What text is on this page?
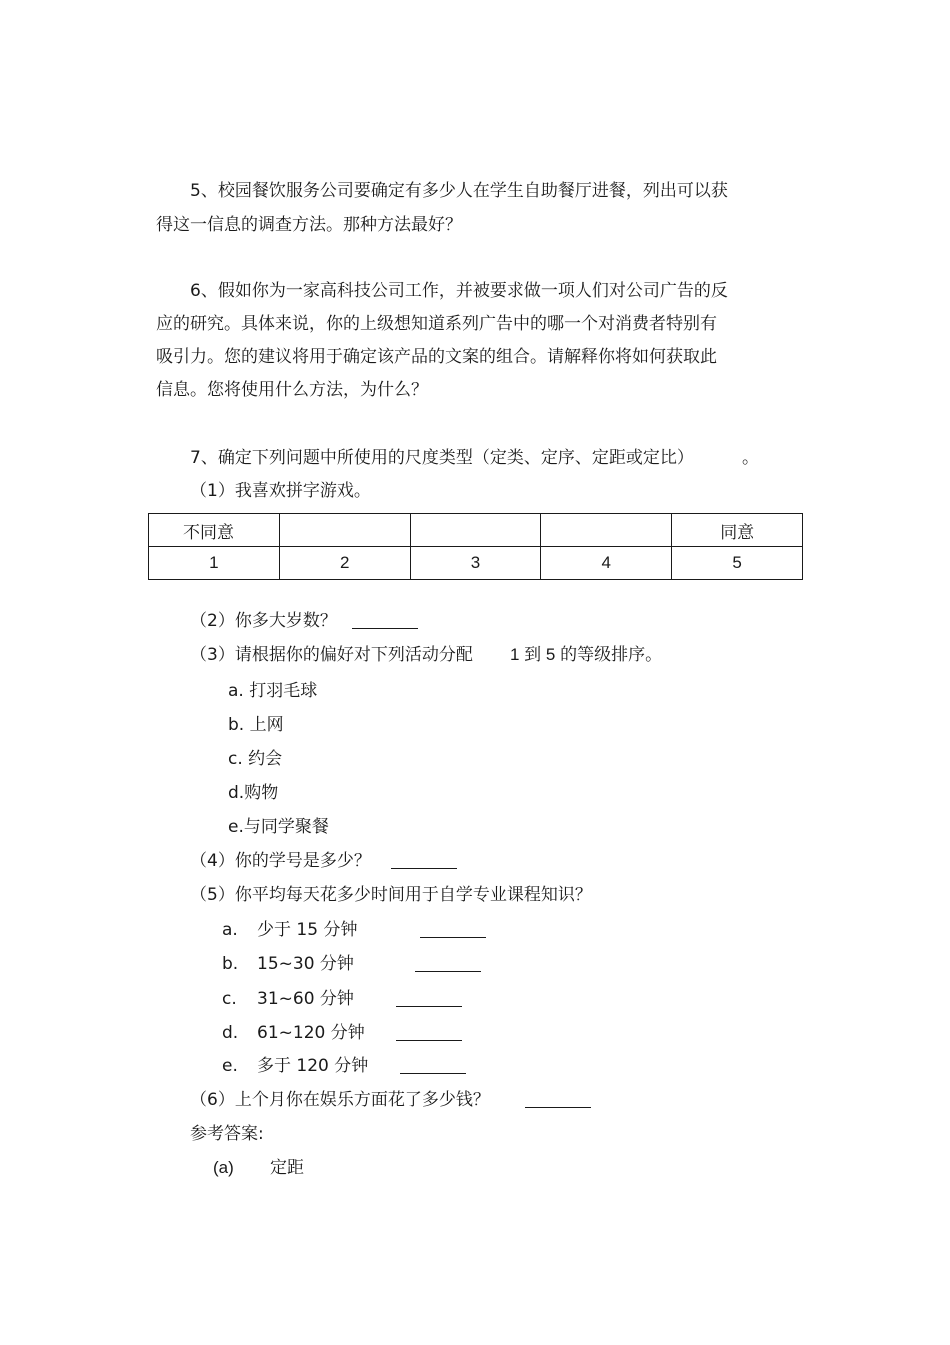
5、校园餐饮服务公司要确定有多少人在学生自助餐厅进餐，列出可以获
得这一信息的调查方法。那种方法最好？
6、假如你为一家高科技公司工作，并被要求做一项人们对公司广告的反
应的研究。具体来说，你的上级想知道系列广告中的哪一个对消费者特别有
吸引力。您的建议将用于确定该产品的文案的组合。请解释你将如何获取此
信息。您将使用什么方法，为什么？
7、确定下列问题中所使用的尺度类型（定类、定序、定距或定比）	。
（1）我喜欢拼字游戏。
不同意				同意
1	2	3	4	5
（2）你多大岁数？
（3）请根据你的偏好对下列活动分配 1 到 5 的等级排序。
a. 打羽毛球
b. 上网
c. 约会
d.购物
e.与同学聚餐
（4）你的学号是多少？
（5）你平均每天花多少时间用于自学专业课程知识？
a. 少于 15 分钟
b. 15~30 分钟
c. 31~60 分钟
d. 61~120 分钟
e. 多于 120 分钟
（6）上个月你在娱乐方面花了多少钱？
参考答案:
(a) 定距
